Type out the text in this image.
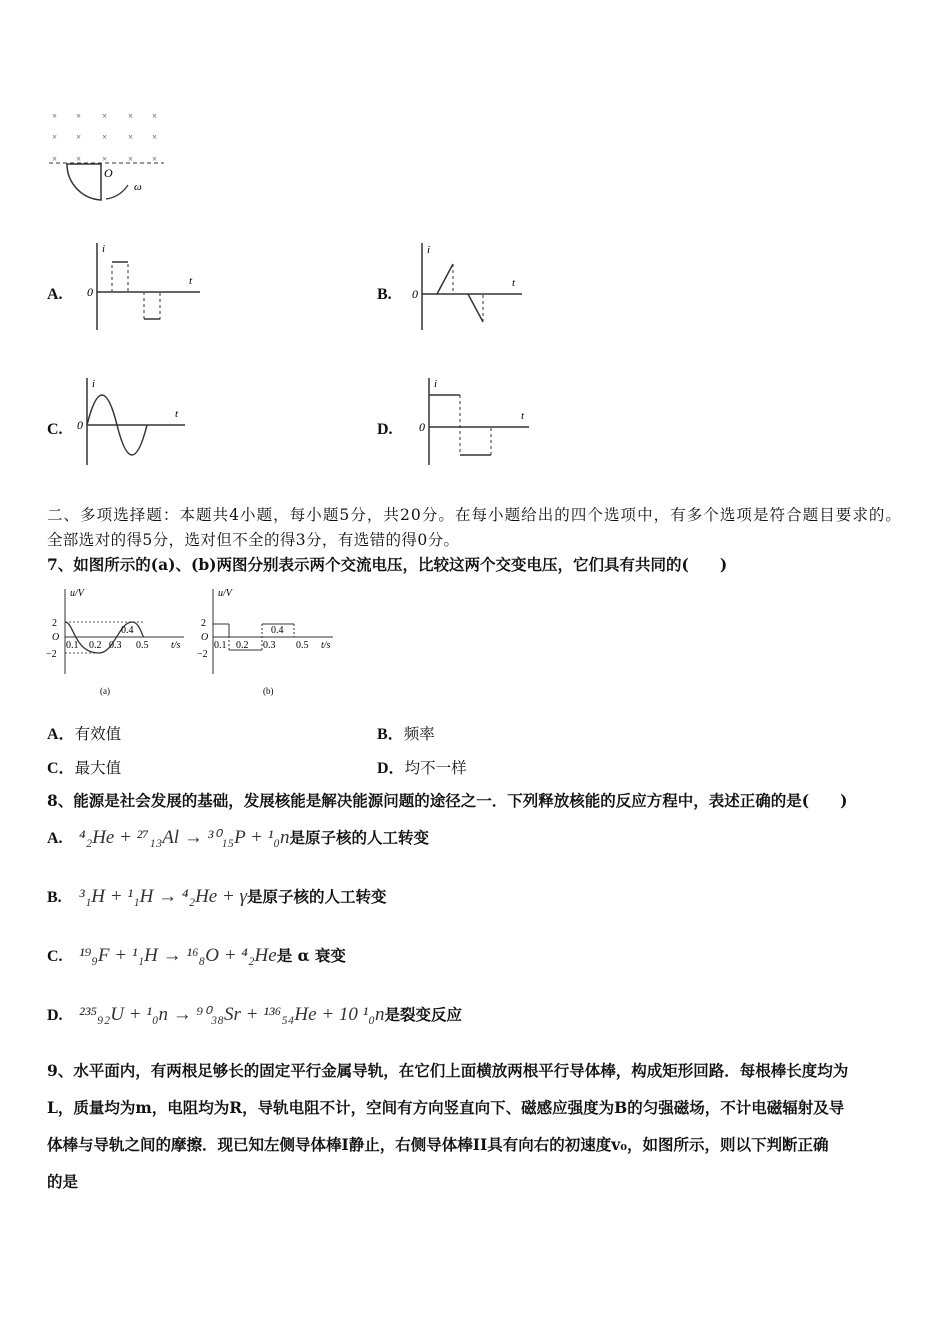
× × × × ×
× × × × ×
× × × × ×
O
ω
A. 0
i
t
B. 0
i
t
C. 0
i
t
D. 0
i
t
二、多项选择题：本题共4小题，每小题5分，共20分。在每小题给出的四个选项中，有多个选项是符合题目要求的。
全部选对的得5分，选对但不全的得3分，有选错的得0分。
7、如图所示的(a)、(b)两图分别表示两个交流电压，比较这两个交变电压，它们具有共同的(　　)
u/V
2
O
−2
0.1 0.2 0.3
0.4
0.5 t/s
(a)
u/V
2
O
−2
0.1 0.2 0.3
0.4
0.5 t/s
(b)
A．有效值	B．频率
C．最大值	D．均不一样
8、能源是社会发展的基础，发展核能是解决能源问题的途径之一．下列释放核能的反应方程中，表述正确的是(　　)
A. ⁴₂He + ²⁷₁₃Al → ³⁰₁₅P + ¹₀n是原子核的人工转变
B. ³₁H + ¹₁H → ⁴₂He + γ是原子核的人工转变
C. ¹⁹₉F + ¹₁H → ¹⁶₈O + ⁴₂He是 α 衰变
D. ²³⁵₉₂U + ¹₀n → ⁹⁰₃₈Sr + ¹³⁶₅₄He + 10 ¹₀n是裂变反应
9、水平面内，有两根足够长的固定平行金属导轨，在它们上面横放两根平行导体棒，构成矩形回路．每根棒长度均为
L，质量均为m，电阻均为R，导轨电阻不计，空间有方向竖直向下、磁感应强度为B的匀强磁场，不计电磁辐射及导
体棒与导轨之间的摩擦．现已知左侧导体棒I静止，右侧导体棒II具有向右的初速度v₀，如图所示，则以下判断正确
的是
